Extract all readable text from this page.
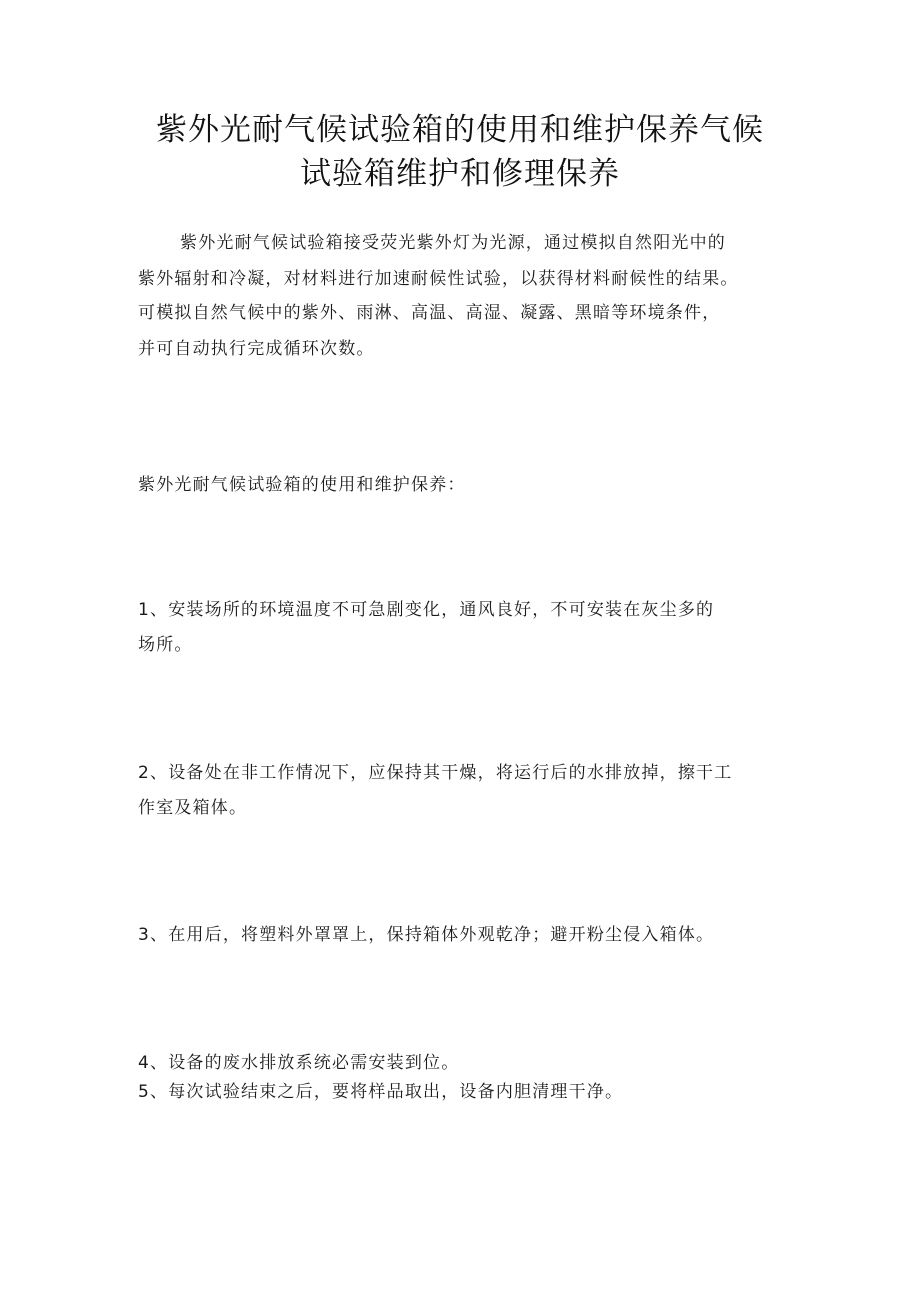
紫外光耐气候试验箱的使用和维护保养气候
试验箱维护和修理保养

紫外光耐气候试验箱接受荧光紫外灯为光源，通过模拟自然阳光中的

紫外辐射和冷凝，对材料进行加速耐候性试验，以获得材料耐候性的结果。

可模拟自然气候中的紫外、雨淋、高温、高湿、凝露、黑暗等环境条件，

并可自动执行完成循环次数。

紫外光耐气候试验箱的使用和维护保养：

1、安装场所的环境温度不可急剧变化，通风良好，不可安装在灰尘多的

场所。

2、设备处在非工作情况下，应保持其干燥，将运行后的水排放掉，擦干工

作室及箱体。

3、在用后，将塑料外罩罩上，保持箱体外观乾净；避开粉尘侵入箱体。

4、设备的废水排放系统必需安装到位。

5、每次试验结束之后，要将样品取出，设备内胆清理干净。
